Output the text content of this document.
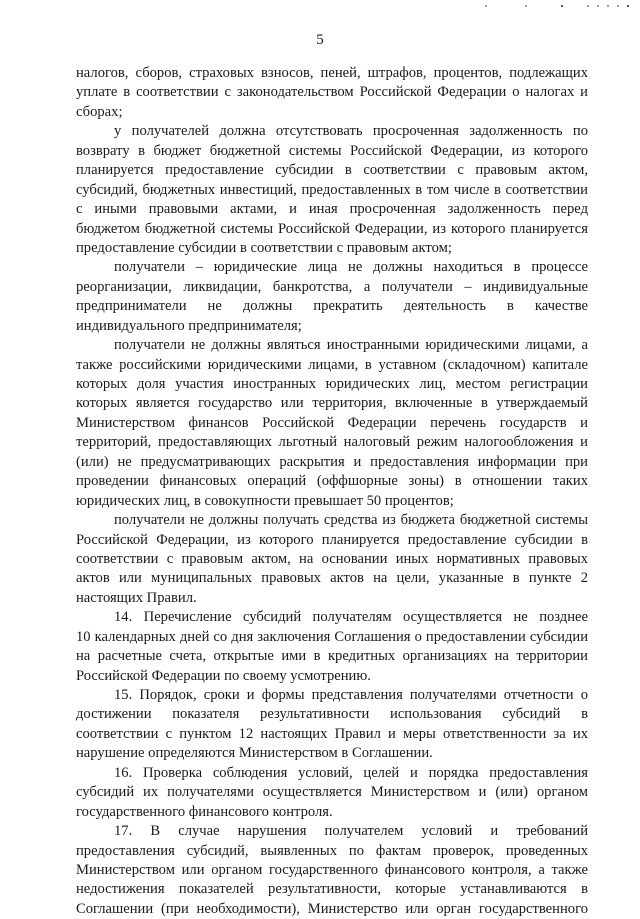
5
налогов, сборов, страховых взносов, пеней, штрафов, процентов, подлежащих
уплате в соответствии с законодательством Российской Федерации о налогах и
сборах;
у получателей должна отсутствовать просроченная задолженность по
возврату в бюджет бюджетной системы Российской Федерации, из которого
планируется предоставление субсидии в соответствии с правовым актом,
субсидий, бюджетных инвестиций, предоставленных в том числе в соответствии
с иными правовыми актами, и иная просроченная задолженность перед
бюджетом бюджетной системы Российской Федерации, из которого планируется
предоставление субсидии в соответствии с правовым актом;
получатели – юридические лица не должны находиться в процессе
реорганизации, ликвидации, банкротства, а получатели – индивидуальные
предприниматели не должны прекратить деятельность в качестве
индивидуального предпринимателя;
получатели не должны являться иностранными юридическими лицами, а
также российскими юридическими лицами, в уставном (складочном) капитале
которых доля участия иностранных юридических лиц, местом регистрации
которых является государство или территория, включенные в утверждаемый
Министерством финансов Российской Федерации перечень государств и
территорий, предоставляющих льготный налоговый режим налогообложения и
(или) не предусматривающих раскрытия и предоставления информации при
проведении финансовых операций (оффшорные зоны) в отношении таких
юридических лиц, в совокупности превышает 50 процентов;
получатели не должны получать средства из бюджета бюджетной системы
Российской Федерации, из которого планируется предоставление субсидии в
соответствии с правовым актом, на основании иных нормативных правовых
актов или муниципальных правовых актов на цели, указанные в пункте 2
настоящих Правил.
14. Перечисление субсидий получателям осуществляется не позднее
10 календарных дней со дня заключения Соглашения о предоставлении субсидии
на расчетные счета, открытые ими в кредитных организациях на территории
Российской Федерации по своему усмотрению.
15. Порядок, сроки и формы представления получателями отчетности о
достижении показателя результативности использования субсидий в
соответствии с пунктом 12 настоящих Правил и меры ответственности за их
нарушение определяются Министерством в Соглашении.
16. Проверка соблюдения условий, целей и порядка предоставления
субсидий их получателями осуществляется Министерством и (или) органом
государственного финансового контроля.
17. В случае нарушения получателем условий и требований
предоставления субсидий, выявленных по фактам проверок, проведенных
Министерством или органом государственного финансового контроля, а также
недостижения показателей результативности, которые устанавливаются в
Соглашении (при необходимости), Министерство или орган государственного
